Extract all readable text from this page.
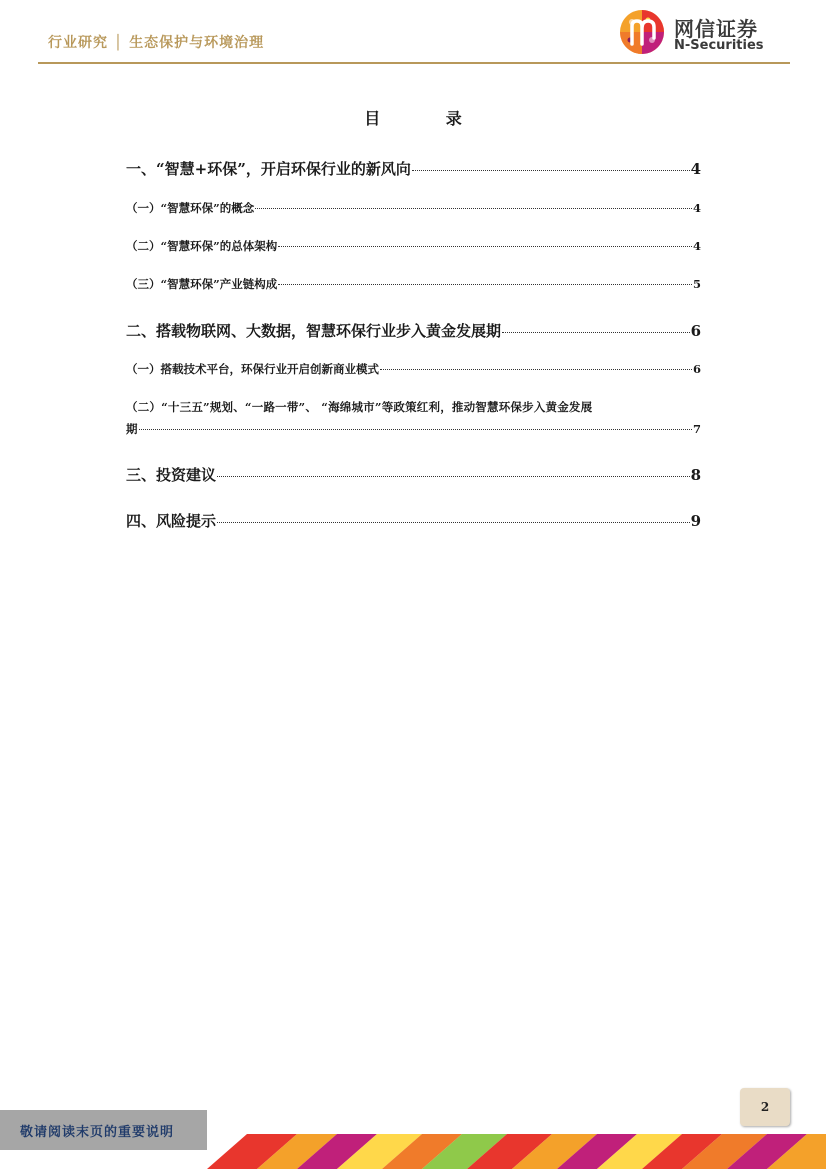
行业研究 │ 生态保护与环境治理
网信证券
N-Securities
目 录
一、“智慧+环保”，开启环保行业的新风向	4
（一）“智慧环保”的概念	4
（二）“智慧环保”的总体架构	4
（三）“智慧环保”产业链构成	5
二、搭载物联网、大数据，智慧环保行业步入黄金发展期	6
（一）搭载技术平台，环保行业开启创新商业模式	6
（二）“十三五”规划、“一路一带”、 “海绵城市”等政策红利，推动智慧环保步入黄金发展
期	7
三、投资建议	8
四、风险提示	9
2
敬请阅读末页的重要说明
